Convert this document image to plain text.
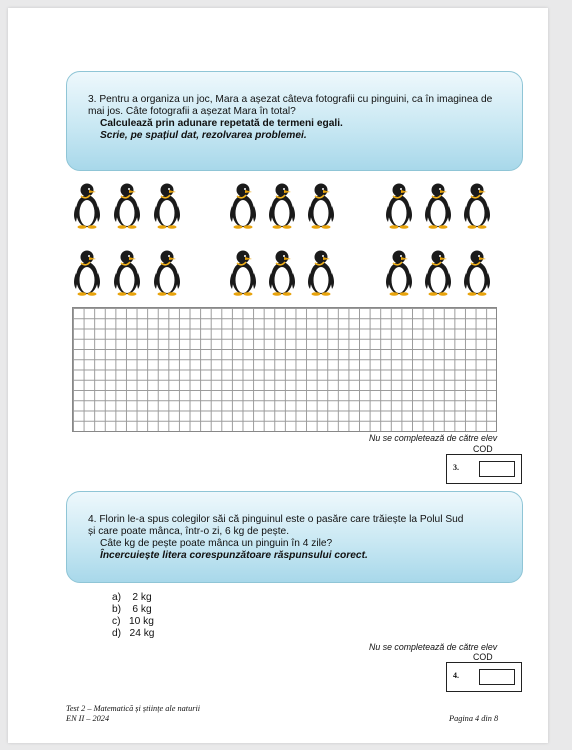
3. Pentru a organiza un joc, Mara a așezat câteva fotografii cu pinguini, ca în imaginea de
mai jos. Câte fotografii a așezat Mara în total?
Calculează prin adunare repetată de termeni egali.
Scrie, pe spațiul dat, rezolvarea problemei.
Nu se completează de către elev
COD
3.
4. Florin le-a spus colegilor săi că pinguinul este o pasăre care trăiește la Polul Sud
și care poate mânca, într-o zi, 6 kg de pește.
Câte kg de pește poate mânca un pinguin în 4 zile?
Încercuiește litera corespunzătoare răspunsului corect.
a)    2 kg
b)    6 kg
c)   10 kg
d)   24 kg
Nu se completează de către elev
COD
4.
Test 2 – Matematică și științe ale naturii
EN II – 2024	Pagina 4 din 8
